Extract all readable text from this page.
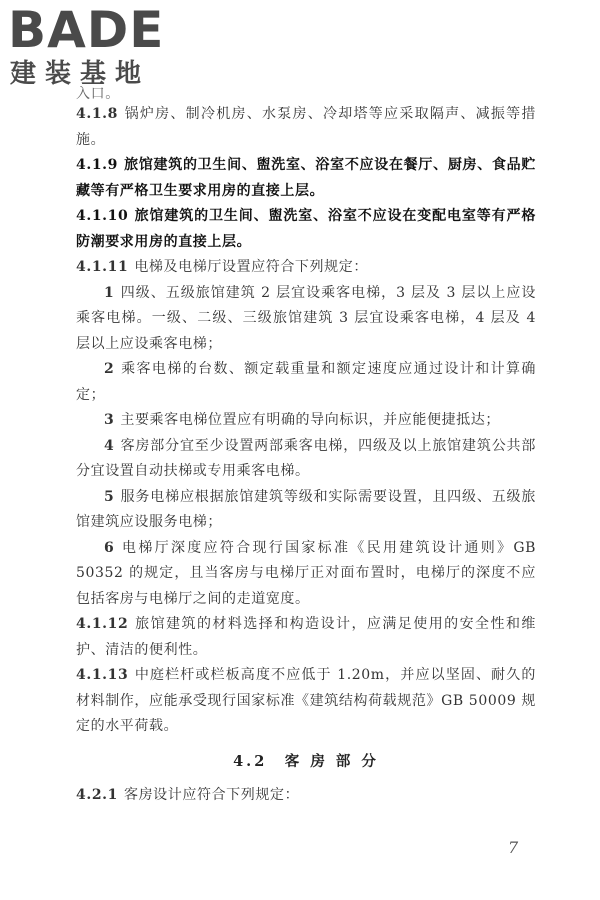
BADE
建装基地

入口。

4.1.8 锅炉房、制冷机房、水泵房、冷却塔等应采取隔声、减振等措施。

4.1.9 旅馆建筑的卫生间、盥洗室、浴室不应设在餐厅、厨房、食品贮藏等有严格卫生要求用房的直接上层。

4.1.10 旅馆建筑的卫生间、盥洗室、浴室不应设在变配电室等有严格防潮要求用房的直接上层。

4.1.11 电梯及电梯厅设置应符合下列规定：

1 四级、五级旅馆建筑 2 层宜设乘客电梯，3 层及 3 层以上应设乘客电梯。一级、二级、三级旅馆建筑 3 层宜设乘客电梯，4 层及 4 层以上应设乘客电梯；

2 乘客电梯的台数、额定载重量和额定速度应通过设计和计算确定；

3 主要乘客电梯位置应有明确的导向标识，并应能便捷抵达；

4 客房部分宜至少设置两部乘客电梯，四级及以上旅馆建筑公共部分宜设置自动扶梯或专用乘客电梯。

5 服务电梯应根据旅馆建筑等级和实际需要设置，且四级、五级旅馆建筑应设服务电梯；

6 电梯厅深度应符合现行国家标准《民用建筑设计通则》GB 50352 的规定，且当客房与电梯厅正对面布置时，电梯厅的深度不应包括客房与电梯厅之间的走道宽度。

4.1.12 旅馆建筑的材料选择和构造设计，应满足使用的安全性和维护、清洁的便利性。

4.1.13 中庭栏杆或栏板高度不应低于 1.20m，并应以坚固、耐久的材料制作，应能承受现行国家标准《建筑结构荷载规范》GB 50009 规定的水平荷载。

4.2　客 房 部 分

4.2.1 客房设计应符合下列规定：

7
